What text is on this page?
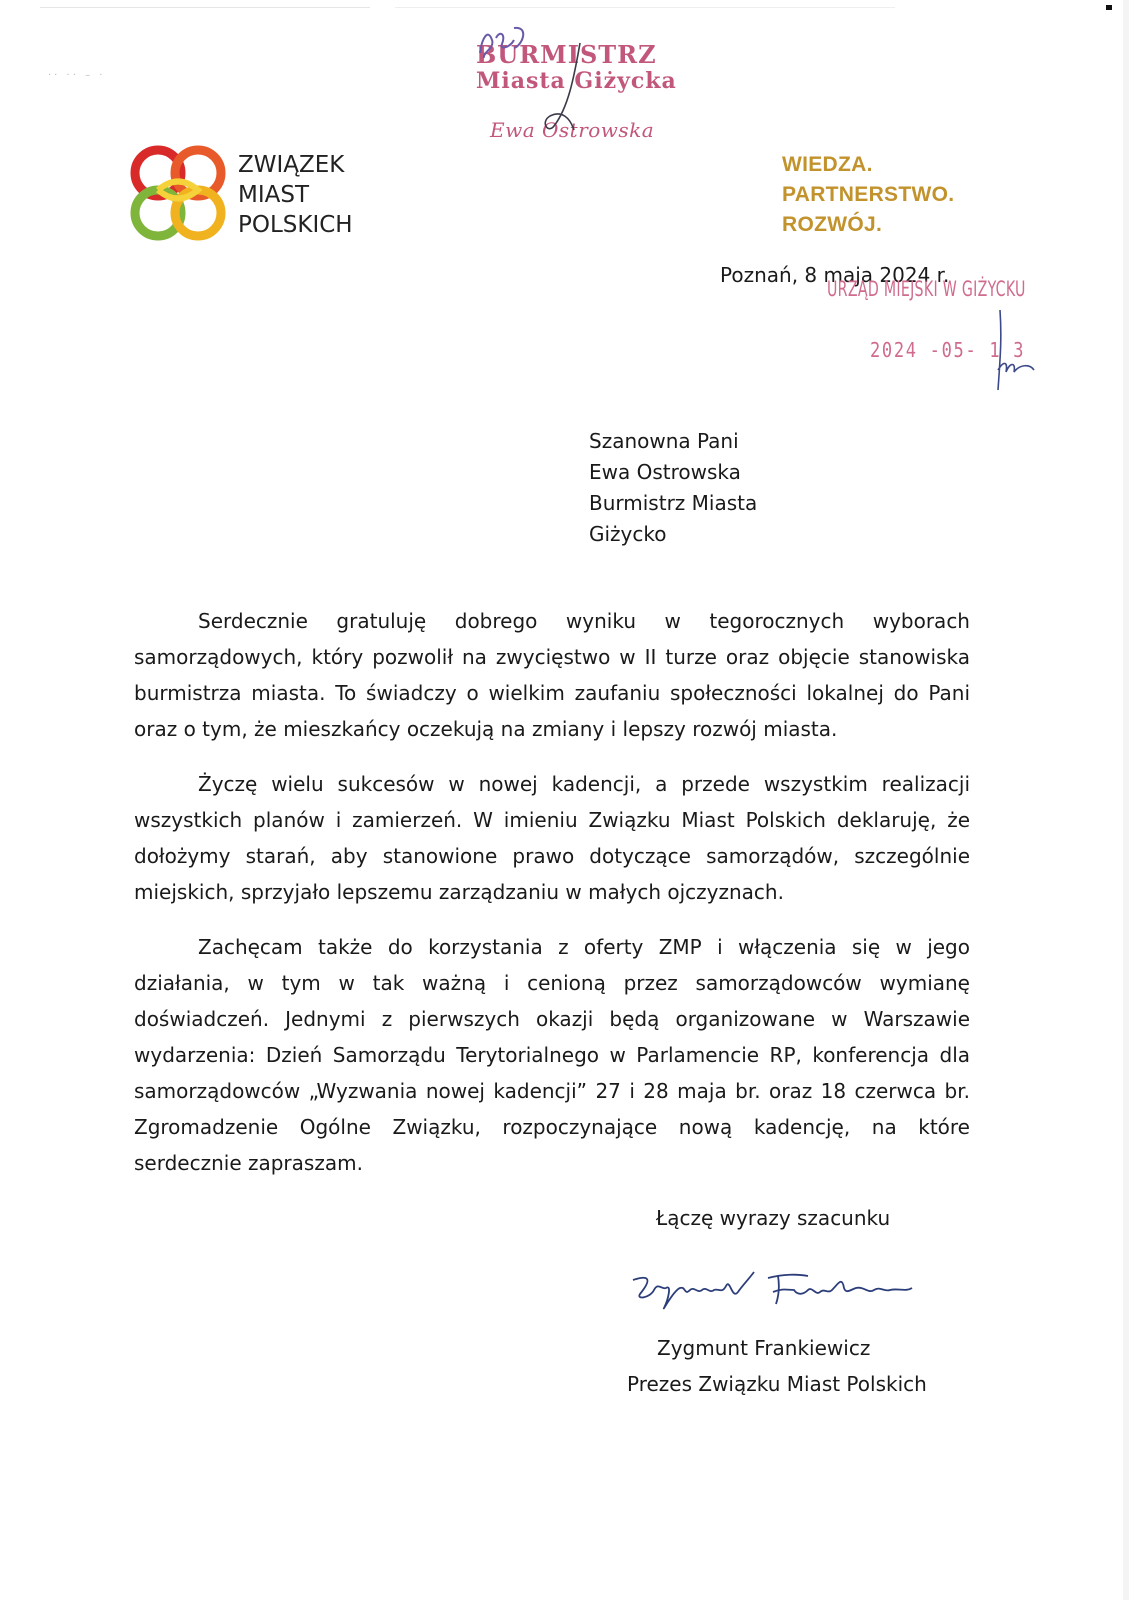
·· ·· – ·
ZWIĄZEK
MIAST
POLSKICH
WIEDZA.
PARTNERSTWO.
ROZWÓJ.
BURMISTRZ
Miasta Giżycka
Ewa Ostrowska
Poznań, 8 maja 2024 r.
URZĄD MIEJSKI W GIŻYCKU
2024 -05- 1 3
Szanowna Pani
Ewa Ostrowska
Burmistrz Miasta
Giżycko
Serdecznie gratuluję dobrego wyniku w tegorocznych wyborach samorządowych, który pozwolił na zwycięstwo w II turze oraz objęcie stanowiska burmistrza miasta. To świadczy o wielkim zaufaniu społeczności lokalnej do Pani oraz o tym, że mieszkańcy oczekują na zmiany i lepszy rozwój miasta.
Życzę wielu sukcesów w nowej kadencji, a przede wszystkim realizacji wszystkich planów i zamierzeń. W imieniu Związku Miast Polskich deklaruję, że dołożymy starań, aby stanowione prawo dotyczące samorządów, szczególnie miejskich, sprzyjało lepszemu zarządzaniu w małych ojczyznach.
Zachęcam także do korzystania z oferty ZMP i włączenia się w jego działania, w tym w tak ważną i cenioną przez samorządowców wymianę doświadczeń. Jednymi z pierwszych okazji będą organizowane w Warszawie wydarzenia: Dzień Samorządu Terytorialnego w Parlamencie RP, konferencja dla samorządowców „Wyzwania nowej kadencji” 27 i 28 maja br. oraz 18 czerwca br. Zgromadzenie Ogólne Związku, rozpoczynające nową kadencję, na które serdecznie zapraszam.
Łączę wyrazy szacunku
Zygmunt Frankiewicz
Prezes Związku Miast Polskich
